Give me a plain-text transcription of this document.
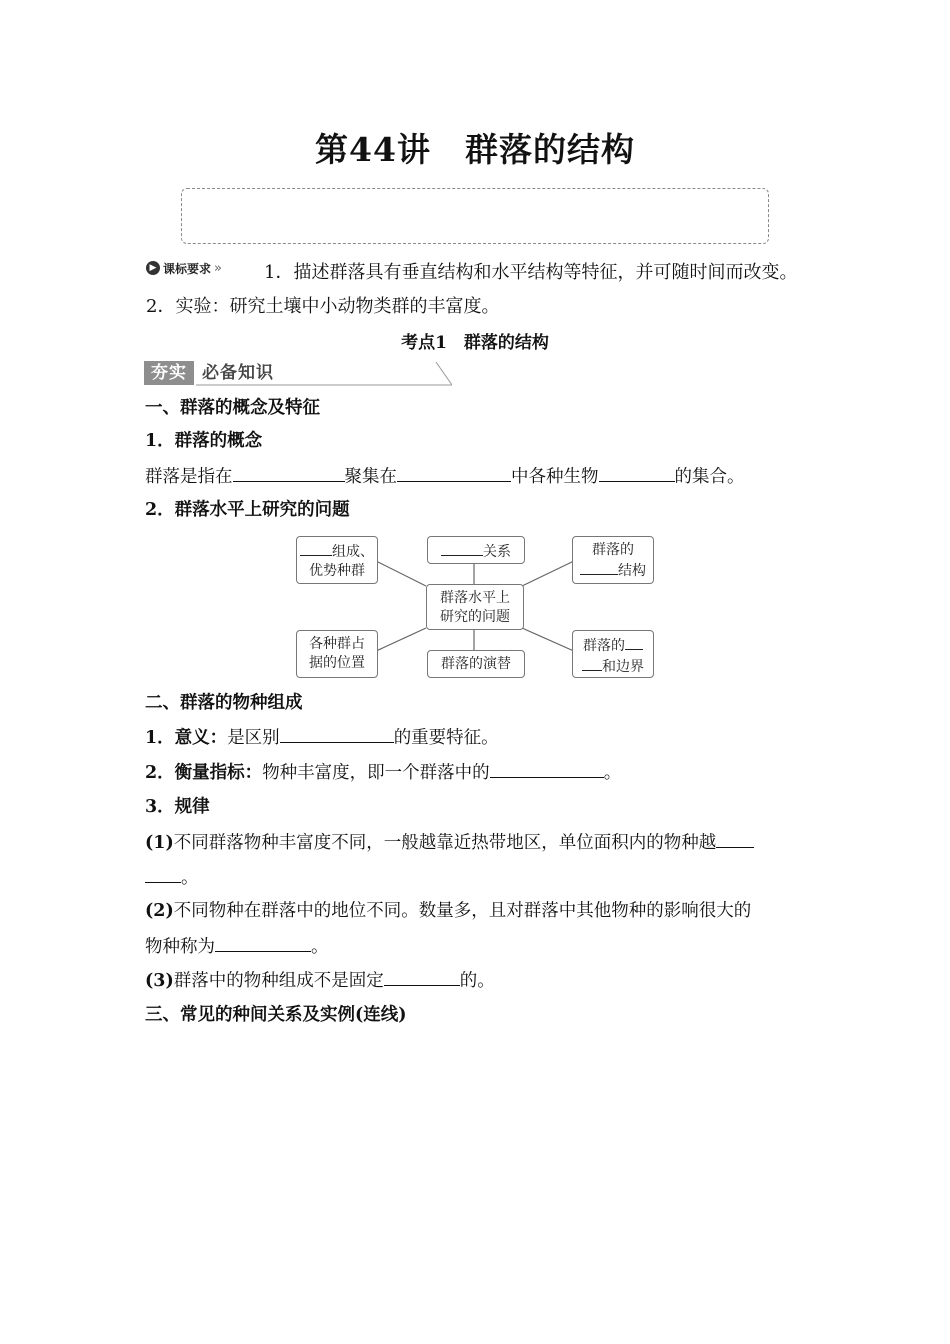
第44讲　群落的结构
1．描述群落具有垂直结构和水平结构等特征，并可随时间而改变。　2．实验：研究土壤中小动物类群的丰富度。
▶ 课标要求 »
考点1　群落的结构
夯实 必备知识
一、群落的概念及特征
1．群落的概念
群落是指在	聚集在	中各种生物	的集合。
2．群落水平上研究的问题
组成、
优势种群
关系	群落的
结构
群落水平上
研究的问题
各种群占
据的位置	群落的演替
群落的
和边界
二、群落的物种组成
1．意义：是区别	的重要特征。
2．衡量指标：物种丰富度，即一个群落中的	。
3．规律
(1)不同群落物种丰富度不同，一般越靠近热带地区，单位面积内的物种越
。
(2)不同物种在群落中的地位不同。数量多，且对群落中其他物种的影响很大的
物种称为	。
(3)群落中的物种组成不是固定	的。
三、常见的种间关系及实例(连线)
